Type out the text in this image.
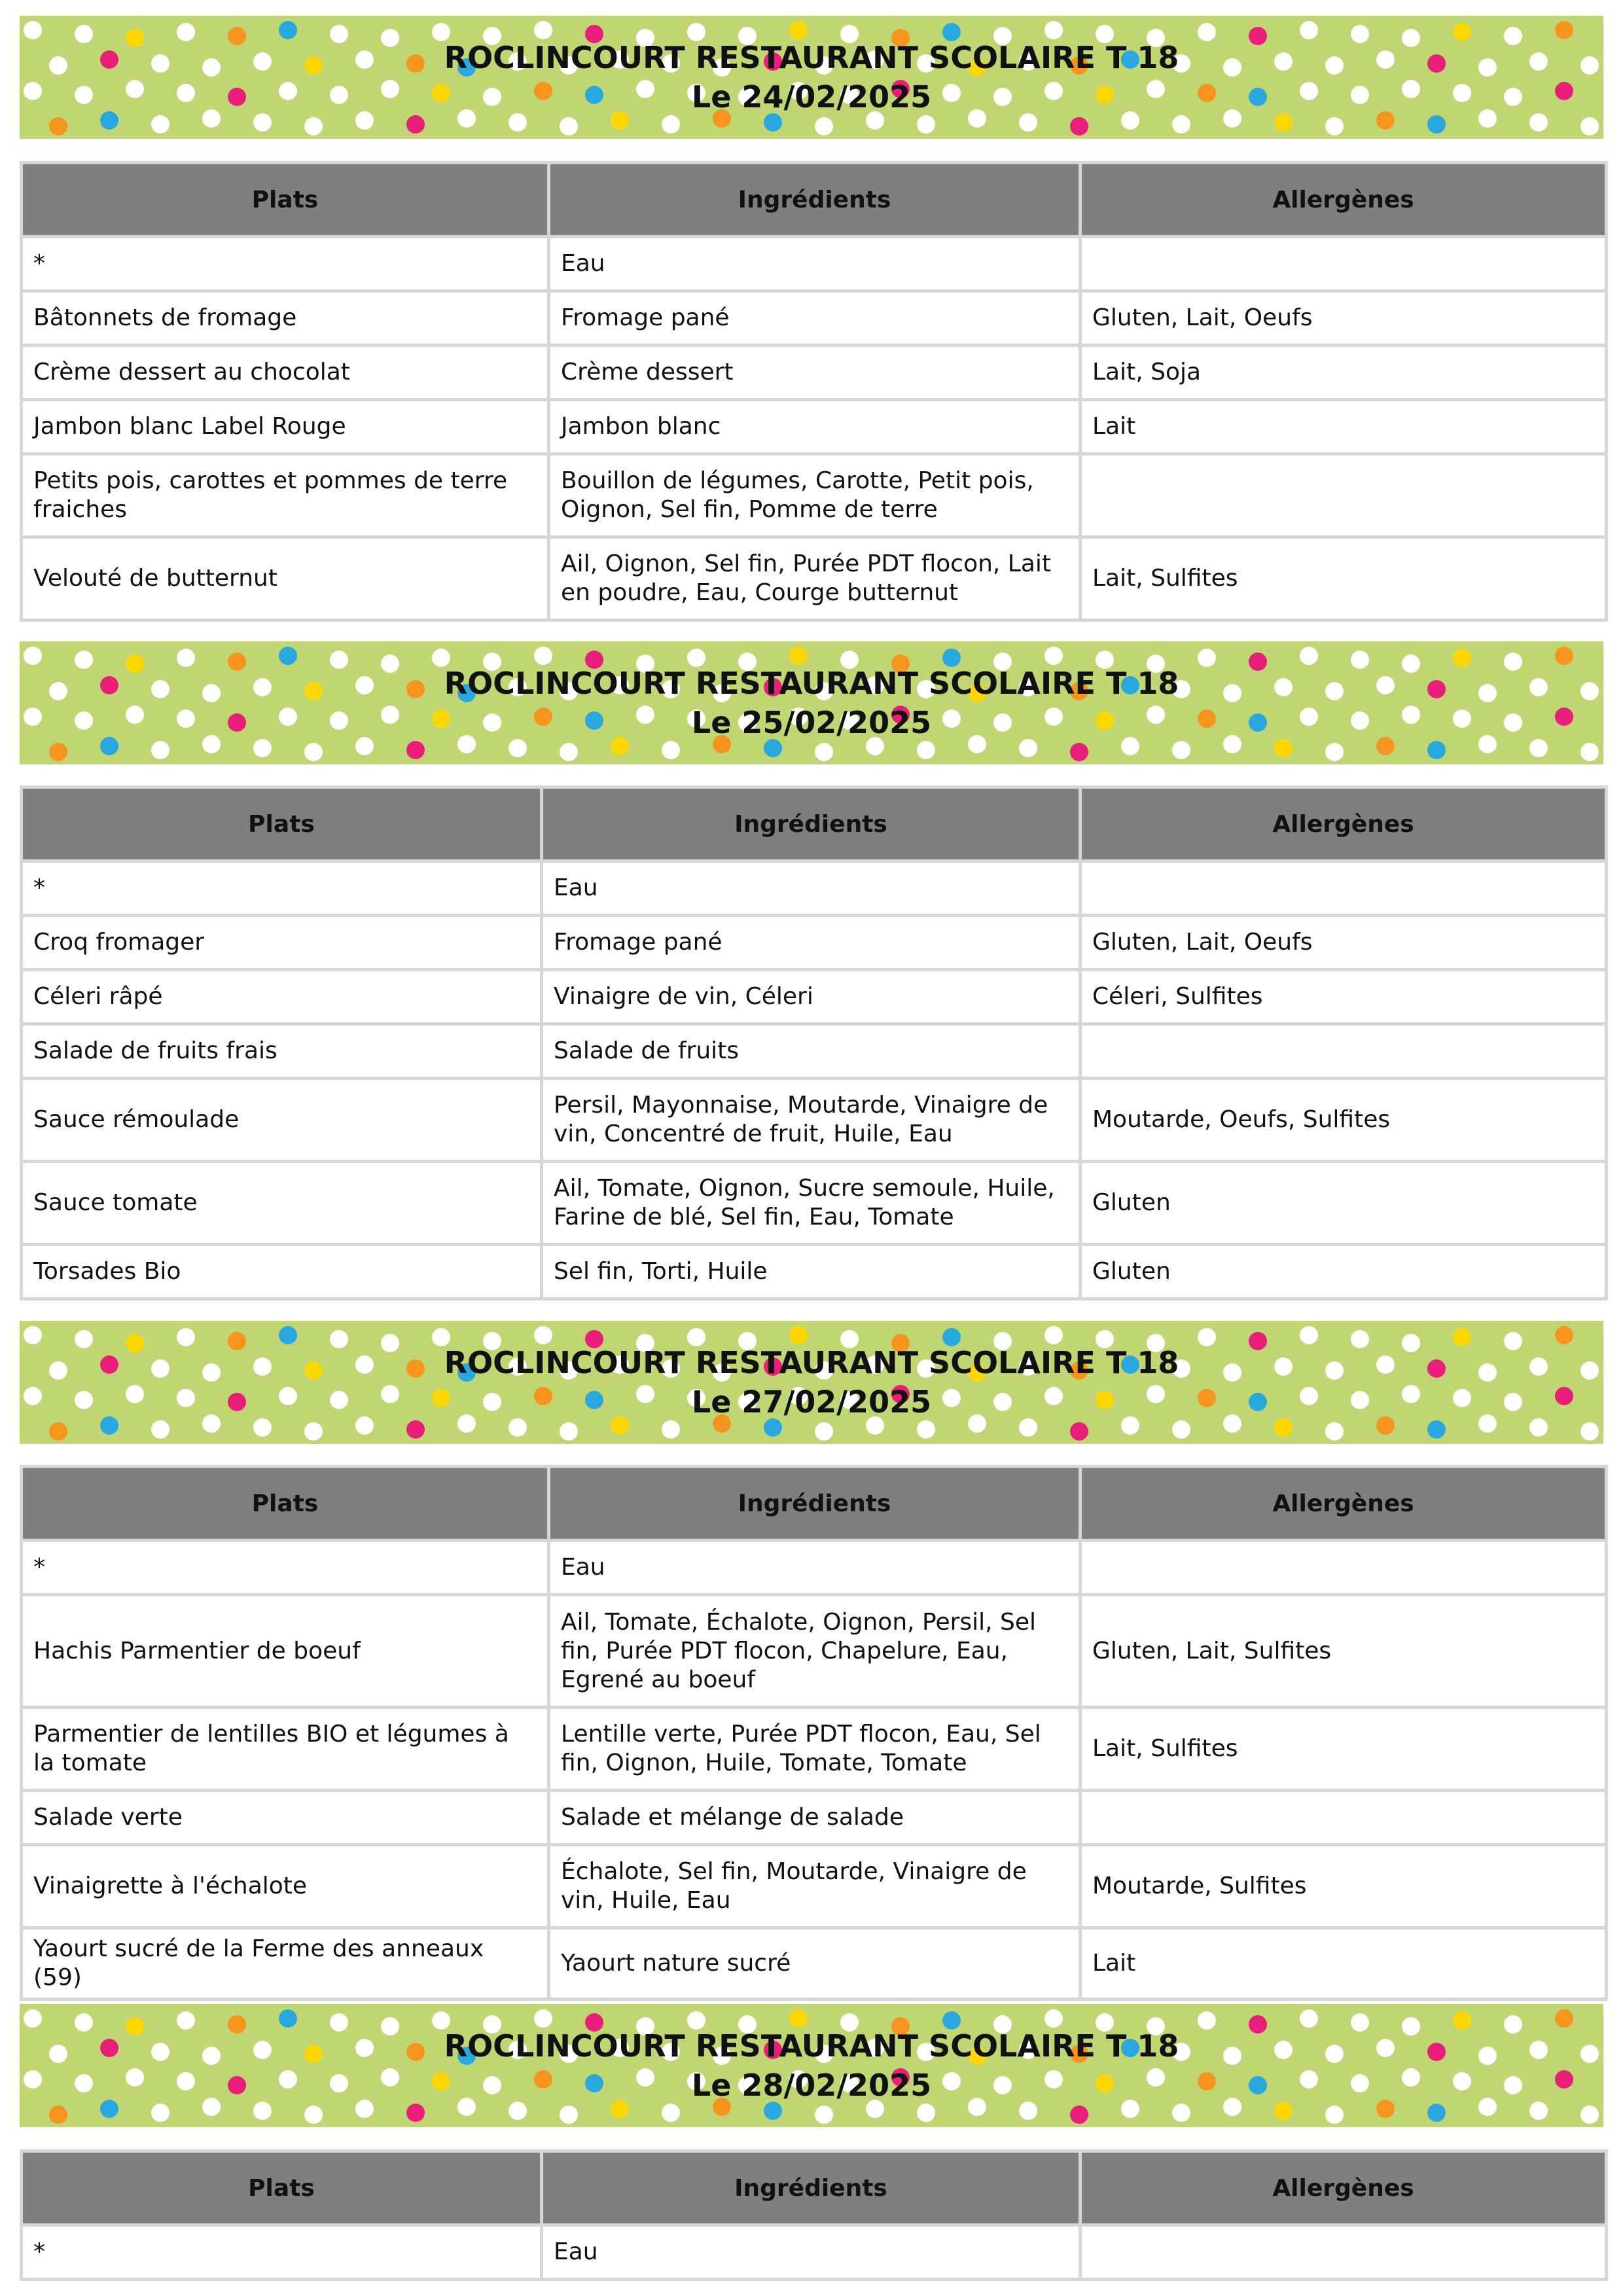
ROCLINCOURT RESTAURANT SCOLAIRE T 18
Le 24/02/2025
Plats	Ingrédients	Allergènes
*	Eau	
Bâtonnets de fromage	Fromage pané	Gluten, Lait, Oeufs
Crème dessert au chocolat	Crème dessert	Lait, Soja
Jambon blanc Label Rouge	Jambon blanc	Lait
Petits pois, carottes et pommes de terre fraiches	Bouillon de légumes, Carotte, Petit pois, Oignon, Sel fin, Pomme de terre	
Velouté de butternut	Ail, Oignon, Sel fin, Purée PDT flocon, Lait en poudre, Eau, Courge butternut	Lait, Sulfites
ROCLINCOURT RESTAURANT SCOLAIRE T 18
Le 25/02/2025
Plats	Ingrédients	Allergènes
*	Eau	
Croq fromager	Fromage pané	Gluten, Lait, Oeufs
Céleri râpé	Vinaigre de vin, Céleri	Céleri, Sulfites
Salade de fruits frais	Salade de fruits	
Sauce rémoulade	Persil, Mayonnaise, Moutarde, Vinaigre de vin, Concentré de fruit, Huile, Eau	Moutarde, Oeufs, Sulfites
Sauce tomate	Ail, Tomate, Oignon, Sucre semoule, Huile, Farine de blé, Sel fin, Eau, Tomate	Gluten
Torsades Bio	Sel fin, Torti, Huile	Gluten
ROCLINCOURT RESTAURANT SCOLAIRE T 18
Le 27/02/2025
Plats	Ingrédients	Allergènes
*	Eau	
Hachis Parmentier de boeuf	Ail, Tomate, Échalote, Oignon, Persil, Sel fin, Purée PDT flocon, Chapelure, Eau, Egrené au boeuf	Gluten, Lait, Sulfites
Parmentier de lentilles BIO et légumes à la tomate	Lentille verte, Purée PDT flocon, Eau, Sel fin, Oignon, Huile, Tomate, Tomate	Lait, Sulfites
Salade verte	Salade et mélange de salade	
Vinaigrette à l'échalote	Échalote, Sel fin, Moutarde, Vinaigre de vin, Huile, Eau	Moutarde, Sulfites
Yaourt sucré de la Ferme des anneaux (59)	Yaourt nature sucré	Lait
ROCLINCOURT RESTAURANT SCOLAIRE T 18
Le 28/02/2025
Plats	Ingrédients	Allergènes
*	Eau	
